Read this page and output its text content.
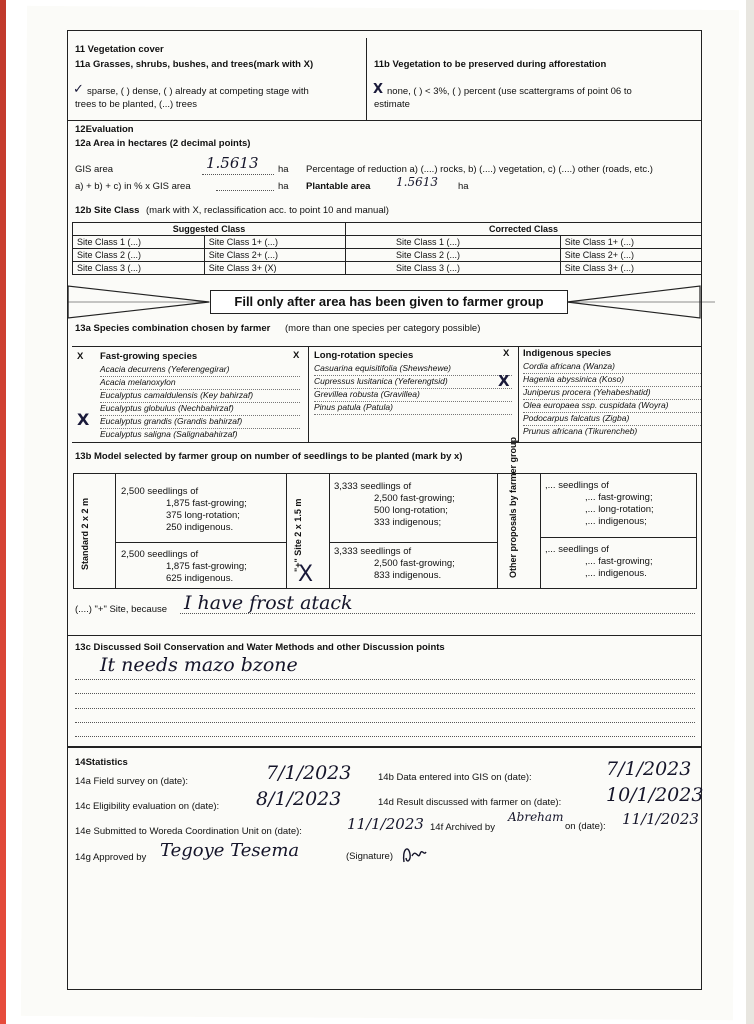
11 Vegetation cover
11a Grasses, shrubs, bushes, and trees(mark with X)	11b Vegetation to be preserved during afforestation
✓ sparse, ( ) dense, ( ) already at competing stage with
trees to be planted, (...) trees
X none, ( ) < 3%, ( ) percent (use scattergrams of point 06 to
estimate
12Evaluation
12a Area in hectares (2 decimal points)
GIS area	1.5613 ha Percentage of reduction a) (....) rocks, b) (....) vegetation, c) (....) other (roads, etc.)
a) + b) + c) in % x GIS area	ha Plantable area 1.5613 ha
12b Site Class (mark with X, reclassification acc. to point 10 and manual)
Suggested Class		Corrected Class	
Site Class 1 (...)	Site Class 1+ (...)	Site Class 1 (...)	Site Class 1+ (...)
Site Class 2 (...)	Site Class 2+ (...)	Site Class 2 (...)	Site Class 2+ (...)
Site Class 3 (...)	Site Class 3+ (X)	Site Class 3 (...)	Site Class 3+ (...)
Fill only after area has been given to farmer group
13a Species combination chosen by farmer (more than one species per category possible)
X Fast-growing species	X Long-rotation species	X Indigenous species
Acacia decurrens (Yeferengegirar)
Acacia melanoxylon
Eucalyptus camaldulensis (Key bahirzaf)
Eucalyptus globulus (Nechbahirzaf)
Eucalyptus grandis (Grandis bahirzaf)
Eucalyptus saligna (Salignabahirzaf)
Casuarina equisitifolia (Shewshewe)
Cupressus lusitanica (Yeferengtsid)
Grevillea robusta (Gravillea)
Pinus patula (Patula)
Cordia africana (Wanza)
Hagenia abyssinica (Koso)
Juniperus procera (Yehabeshatid)
Olea europaea ssp. cuspidata (Woyra)
Podocarpus falcatus (Zigba)
Prunus africana (Tikurencheb)
X
X
13b Model selected by farmer group on number of seedlings to be planted (mark by x)
Standard 2 x 2 m	"+" Site 2 x 1.5 m	Other proposals by farmer group
2,500 seedlings of
1,875 fast-growing;
375 long-rotation;
250 indigenous.
2,500 seedlings of
1,875 fast-growing;
625 indigenous.
3,333 seedlings of
2,500 fast-growing;
500 long-rotation;
333 indigenous;
3,333 seedlings of
2,500 fast-growing;
833 indigenous.
,... seedlings of
,... fast-growing;
,... long-rotation;
,... indigenous;
,... seedlings of
,... fast-growing;
,... indigenous.
X
(....) "+" Site, because I have frost atack
13c Discussed Soil Conservation and Water Methods and other Discussion points
It needs mazo bzone
14Statistics
14a Field survey on (date):	7/1/2023	14b Data entered into GIS on (date):	7/1/2023
14c Eligibility evaluation on (date): 8/1/2023	14d Result discussed with farmer on (date): 10/1/2023
14e Submitted to Woreda Coordination Unit on (date):	11/1/2023 14f Archived by
Abreham
on (date): 11/1/2023
14g Approved by Tegoye Tesema	(Signature)
